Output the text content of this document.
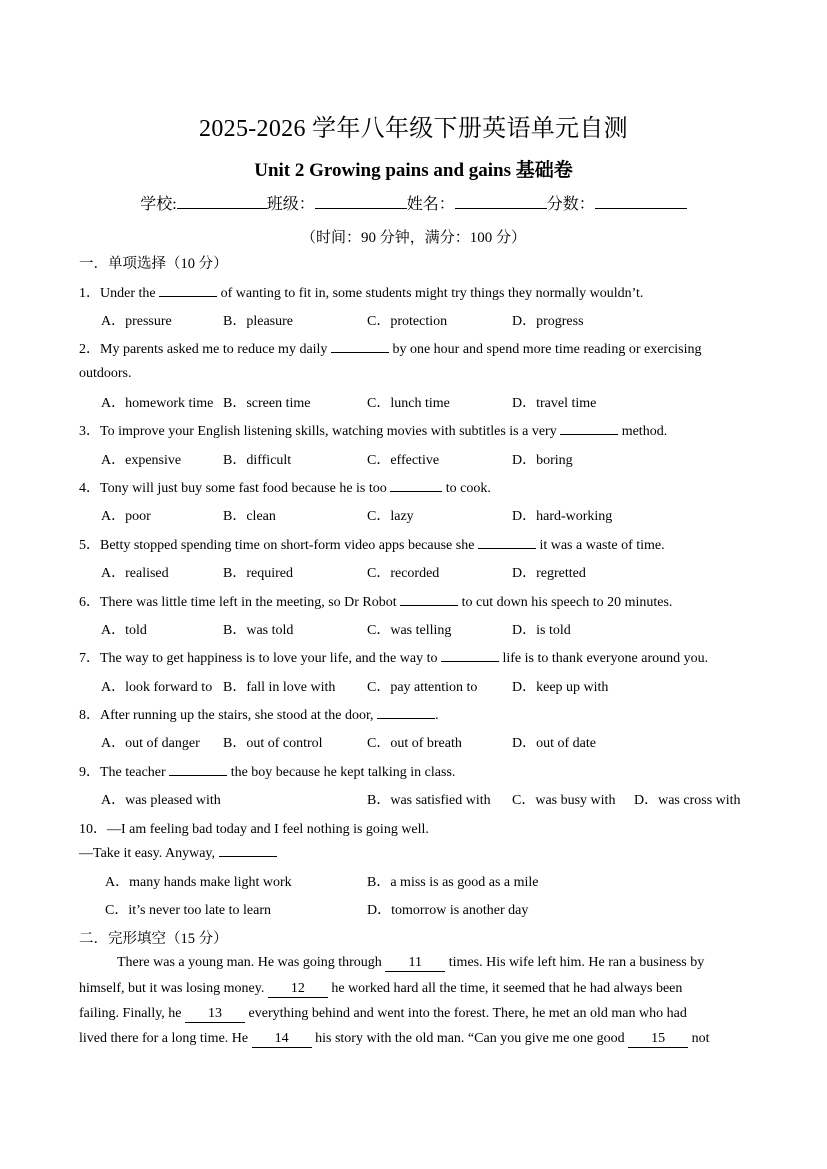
2025-2026 学年八年级下册英语单元自测
Unit 2 Growing pains and gains 基础卷
学校:	班级：	姓名：	分数：
（时间：90 分钟，满分：100 分）
一．单项选择（10 分）
1．Under the	of wanting to fit in, some students might try things they normally wouldn’t.
A．pressure	B．pleasure	C．protection	D．progress
2．My parents asked me to reduce my daily	by one hour and spend more time reading or exercising
outdoors.
A．homework time B．screen time	C．lunch time	D．travel time
3．To improve your English listening skills, watching movies with subtitles is a very	method.
A．expensive	B．difficult	C．effective	D．boring
4．Tony will just buy some fast food because he is too	to cook.
A．poor	B．clean	C．lazy	D．hard-working
5．Betty stopped spending time on short-form video apps because she	it was a waste of time.
A．realised	B．required	C．recorded	D．regretted
6．There was little time left in the meeting, so Dr Robot	to cut down his speech to 20 minutes.
A．told	B．was told	C．was telling	D．is told
7．The way to get happiness is to love your life, and the way to	life is to thank everyone around you.
A．look forward to B．fall in love with C．pay attention to D．keep up with
8．After running up the stairs, she stood at the door,	.
A．out of danger B．out of control	C．out of breath	D．out of date
9．The teacher	the boy because he kept talking in class.
A．was pleased with	B．was satisfied with C．was busy with D．was cross with
10．—I am feeling bad today and I feel nothing is going well.
—Take it easy. Anyway,
A．many hands make light work	B．a miss is as good as a mile
C．it’s never too late to learn	D．tomorrow is another day
二．完形填空（15 分）
There was a young man. He was going through 11 times. His wife left him. He ran a business by
himself, but it was losing money. 12 he worked hard all the time, it seemed that he had always been
failing. Finally, he 13 everything behind and went into the forest. There, he met an old man who had
lived there for a long time. He 14 his story with the old man. “Can you give me one good 15 not
